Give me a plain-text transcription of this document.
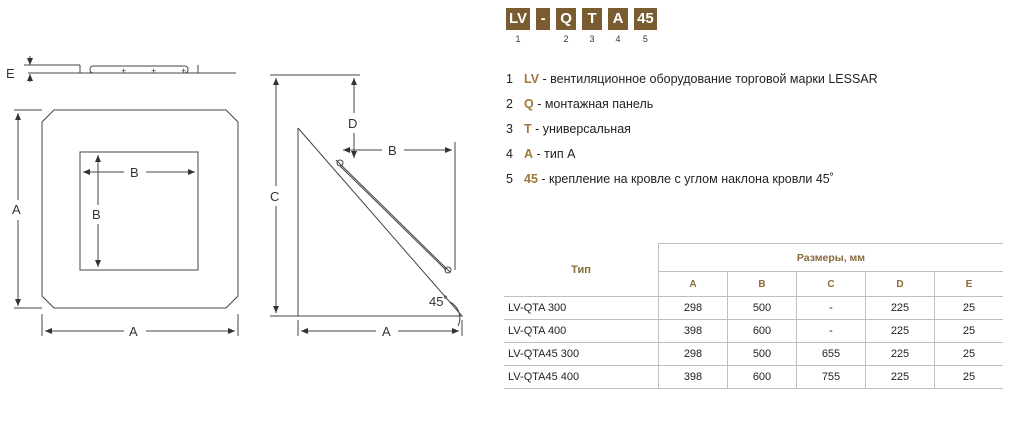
+	+	+
E
A
A
B
B
C
D
B
A
45˚
LV
1
- Q
2
T
3
A
4
45
5
1 LV - вентиляционное оборудование торговой марки LESSAR
2 Q - монтажная панель
3 T - универсальная
4 A - тип А
5 45 - крепление на кровле с углом наклона кровли 45˚
Тип	Размеры, мм				
	A	B	C	D	E
LV-QTA 300	298	500	-	225	25
LV-QTA 400	398	600	-	225	25
LV-QTA45 300	298	500	655	225	25
LV-QTA45 400	398	600	755	225	25
